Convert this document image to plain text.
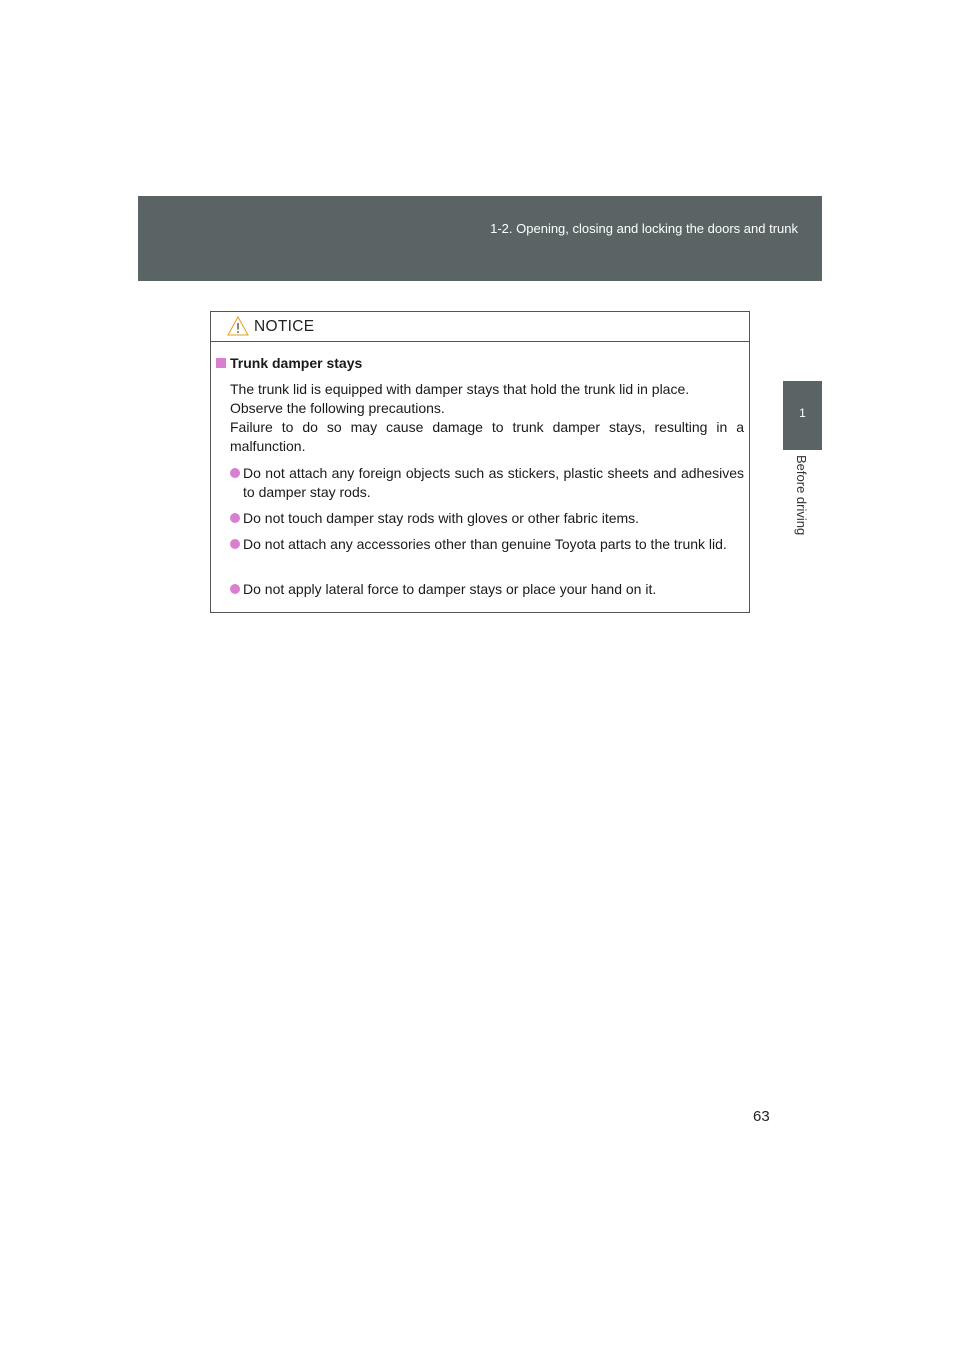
1-2. Opening, closing and locking the doors and trunk
1
Before driving
NOTICE
Trunk damper stays

The trunk lid is equipped with damper stays that hold the trunk lid in place.

Observe the following precautions.

Failure to do so may cause damage to trunk damper stays, resulting in a malfunction.

Do not attach any foreign objects such as stickers, plastic sheets and adhesives to damper stay rods.
Do not touch damper stay rods with gloves or other fabric items.
Do not attach any accessories other than genuine Toyota parts to the trunk lid.
Do not apply lateral force to damper stays or place your hand on it.
63
